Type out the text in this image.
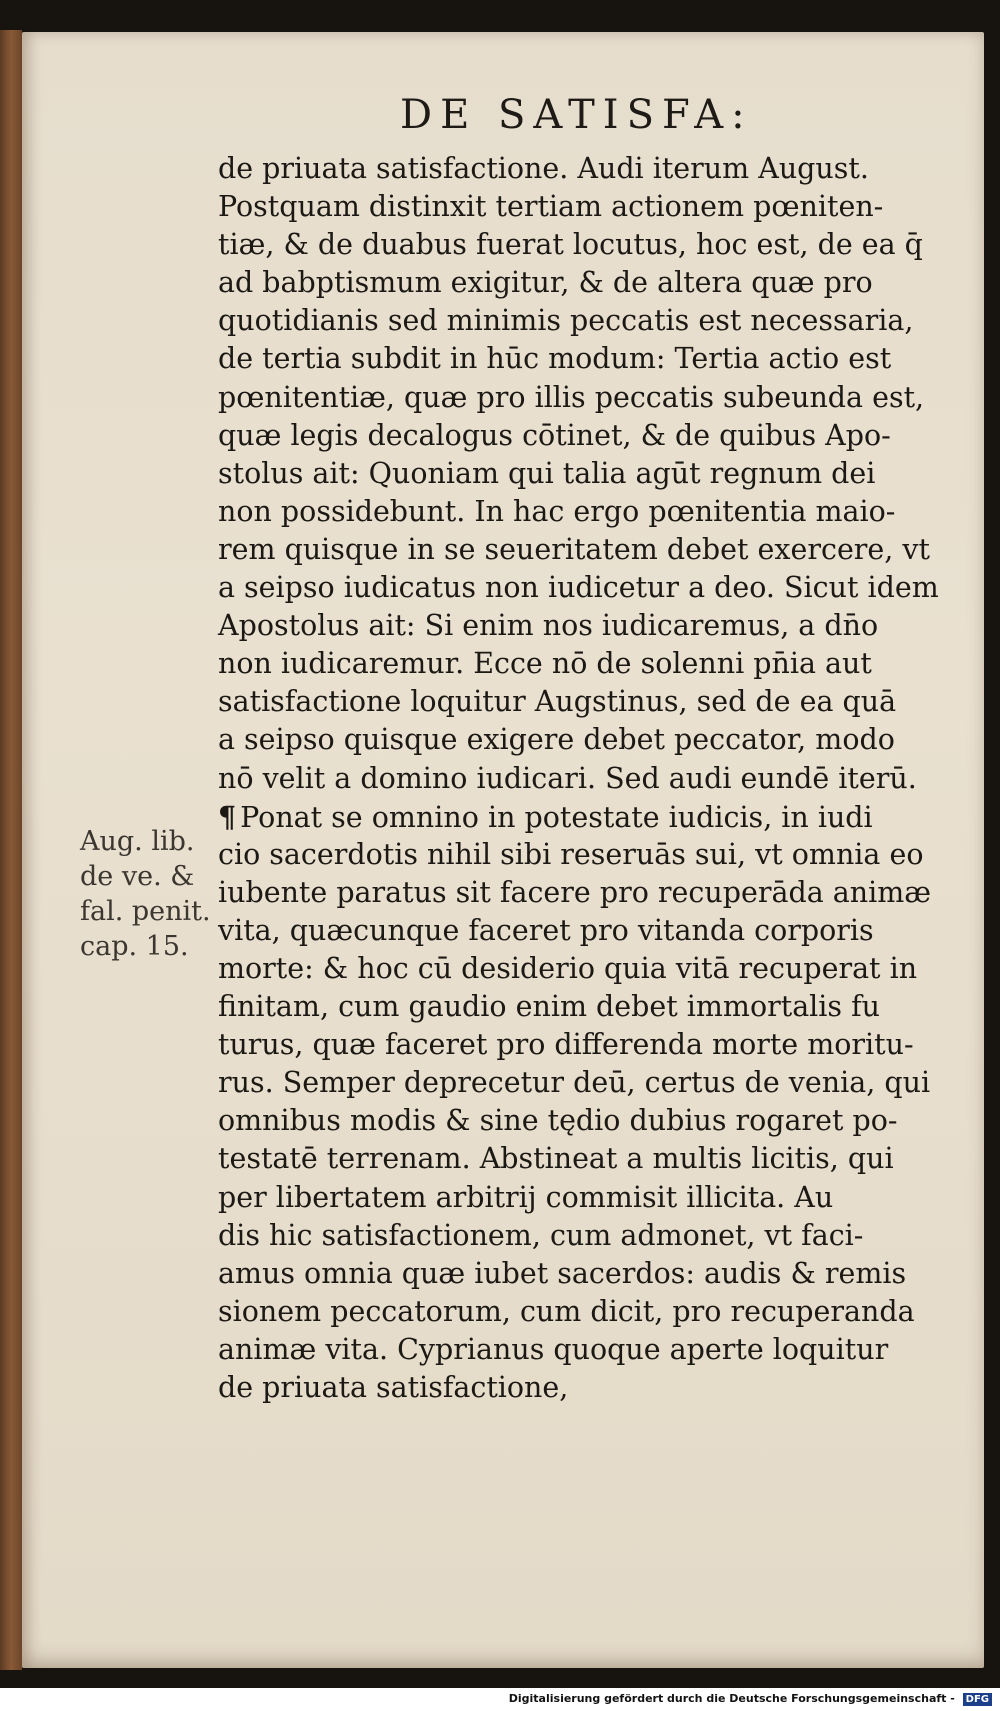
DE SATISFA:
de priuata satisfactione. Audi iterum August.
Postquam distinxit tertiam actionem pœniten-
tiæ, & de duabus fuerat locutus, hoc est, de ea q̄
ad babptismum exigitur, & de altera quæ pro
quotidianis sed minimis peccatis est necessaria,
de tertia subdit in hūc modum: Tertia actio est
pœnitentiæ, quæ pro illis peccatis subeunda est,
quæ legis decalogus cōtinet, & de quibus Apo-
stolus ait: Quoniam qui talia agūt regnum dei
non possidebunt. In hac ergo pœnitentia maio-
rem quisque in se seueritatem debet exercere, vt
a seipso iudicatus non iudicetur a deo. Sicut idem
Apostolus ait: Si enim nos iudicaremus, a dn̄o
non iudicaremur. Ecce nō de solenni pn̄ia aut
satisfactione loquitur Augstinus, sed de ea quā
a seipso quisque exigere debet peccator, modo
nō velit a domino iudicari. Sed audi eundē iterū.
¶ Ponat se omnino in potestate iudicis, in iudi
cio sacerdotis nihil sibi reseruās sui, vt omnia eo
iubente paratus sit facere pro recuperāda animæ
vita, quæcunque faceret pro vitanda corporis
morte: & hoc cū desiderio quia vitā recuperat in
finitam, cum gaudio enim debet immortalis fu
turus, quæ faceret pro differenda morte moritu-
rus. Semper deprecetur deū, certus de venia, qui
omnibus modis & sine tędio dubius rogaret po-
testatē terrenam. Abstineat a multis licitis, qui
per libertatem arbitrij commisit illicita. Au
dis hic satisfactionem, cum admonet, vt faci-
amus omnia quæ iubet sacerdos: audis & remis
sionem peccatorum, cum dicit, pro recuperanda
animæ vita. Cyprianus quoque aperte loquitur
de priuata satisfactione,
Aug. lib.
de ve. &
fal. penit.
cap. 15.
Digitalisierung gefördert durch die Deutsche Forschungsgemeinschaft - DFG
